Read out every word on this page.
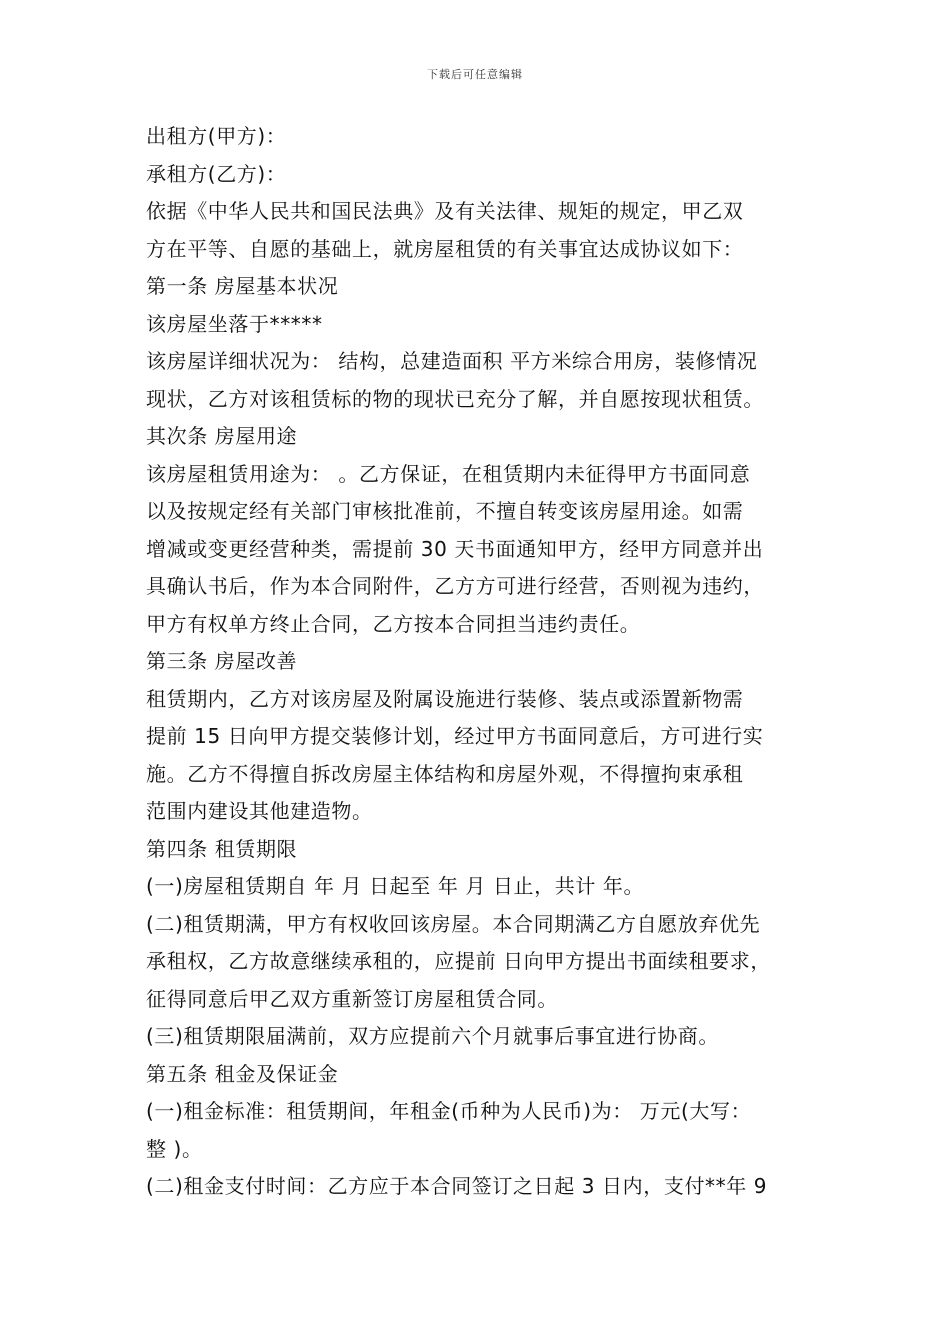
下载后可任意编辑
出租方(甲方)：
承租方(乙方)：
依据《中华人民共和国民法典》及有关法律、规矩的规定，甲乙双
方在平等、自愿的基础上，就房屋租赁的有关事宜达成协议如下：
第一条 房屋基本状况
该房屋坐落于*****
该房屋详细状况为： 结构，总建造面积 平方米综合用房，装修情况
现状，乙方对该租赁标的物的现状已充分了解，并自愿按现状租赁。
其次条 房屋用途
该房屋租赁用途为： 。乙方保证，在租赁期内未征得甲方书面同意
以及按规定经有关部门审核批准前，不擅自转变该房屋用途。如需
增减或变更经营种类，需提前 30 天书面通知甲方，经甲方同意并出
具确认书后，作为本合同附件，乙方方可进行经营，否则视为违约，
甲方有权单方终止合同，乙方按本合同担当违约责任。
第三条 房屋改善
租赁期内，乙方对该房屋及附属设施进行装修、装点或添置新物需
提前 15 日向甲方提交装修计划，经过甲方书面同意后，方可进行实
施。乙方不得擅自拆改房屋主体结构和房屋外观，不得擅拘束承租
范围内建设其他建造物。
第四条 租赁期限
(一)房屋租赁期自 年 月 日起至 年 月 日止，共计 年。
(二)租赁期满，甲方有权收回该房屋。本合同期满乙方自愿放弃优先
承租权，乙方故意继续承租的，应提前 日向甲方提出书面续租要求，
征得同意后甲乙双方重新签订房屋租赁合同。
(三)租赁期限届满前，双方应提前六个月就事后事宜进行协商。
第五条 租金及保证金
(一)租金标准：租赁期间，年租金(币种为人民币)为： 万元(大写：
整 )。
(二)租金支付时间：乙方应于本合同签订之日起 3 日内，支付**年 9
